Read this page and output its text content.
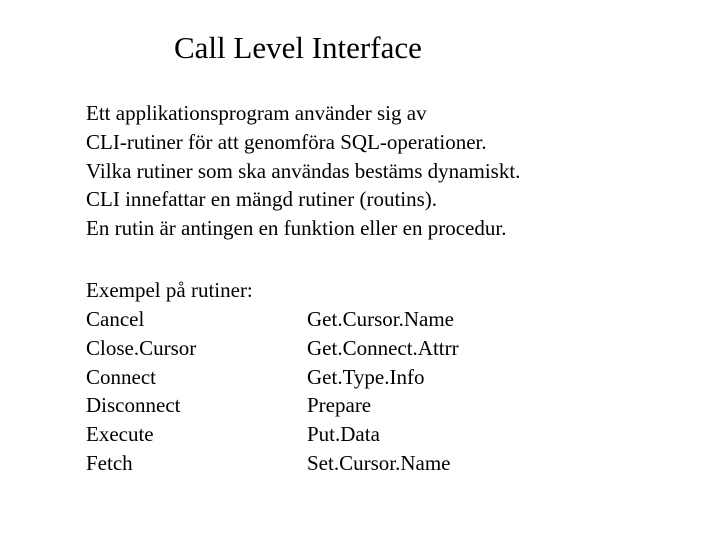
Call Level Interface
Ett applikationsprogram använder sig av
CLI-rutiner för att genomföra SQL-operationer.
Vilka rutiner som ska användas bestäms dynamiskt.
CLI innefattar en mängd rutiner (routins).
En rutin är antingen en funktion eller en procedur.
Exempel på rutiner:
Cancel
Close.Cursor
Connect
Disconnect
Execute
Fetch
Get.Cursor.Name
Get.Connect.Attrr
Get.Type.Info
Prepare
Put.Data
Set.Cursor.Name
